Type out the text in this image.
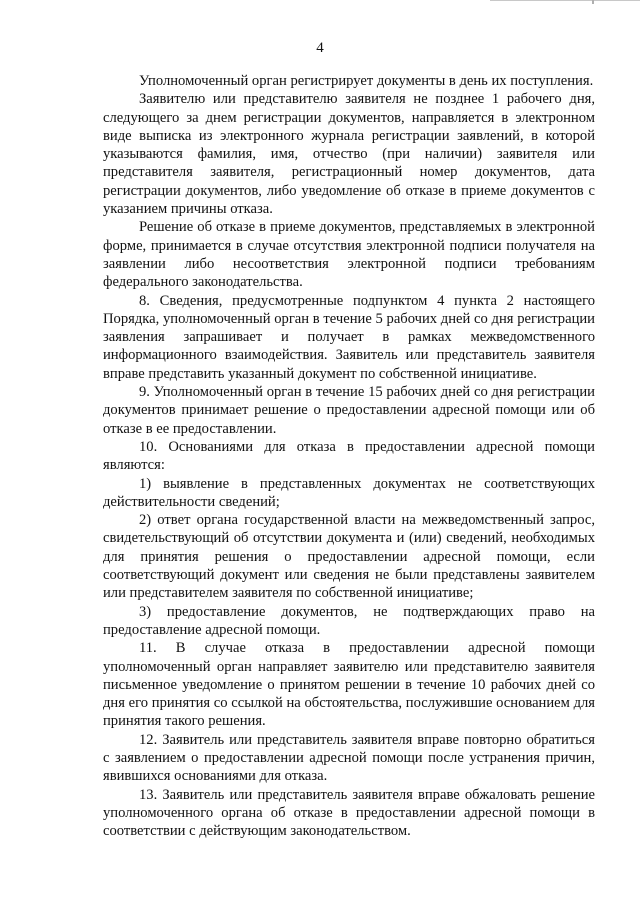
4

Уполномоченный орган регистрирует документы в день их поступления.

Заявителю или представителю заявителя не позднее 1 рабочего дня, следующего за днем регистрации документов, направляется в электронном виде выписка из электронного журнала регистрации заявлений, в которой указываются фамилия, имя, отчество (при наличии) заявителя или представителя заявителя, регистрационный номер документов, дата регистрации документов, либо уведомление об отказе в приеме документов с указанием причины отказа.

Решение об отказе в приеме документов, представляемых в электронной форме, принимается в случае отсутствия электронной подписи получателя на заявлении либо несоответствия электронной подписи требованиям федерального законодательства.

8. Сведения, предусмотренные подпунктом 4 пункта 2 настоящего Порядка, уполномоченный орган в течение 5 рабочих дней со дня регистрации заявления запрашивает и получает в рамках межведомственного информационного взаимодействия. Заявитель или представитель заявителя вправе представить указанный документ по собственной инициативе.

9. Уполномоченный орган в течение 15 рабочих дней со дня регистрации документов принимает решение о предоставлении адресной помощи или об отказе в ее предоставлении.

10. Основаниями для отказа в предоставлении адресной помощи являются:

1) выявление в представленных документах не соответствующих действительности сведений;

2) ответ органа государственной власти на межведомственный запрос, свидетельствующий об отсутствии документа и (или) сведений, необходимых для принятия решения о предоставлении адресной помощи, если соответствующий документ или сведения не были представлены заявителем или представителем заявителя по собственной инициативе;

3) предоставление документов, не подтверждающих право на предоставление адресной помощи.

11. В случае отказа в предоставлении адресной помощи уполномоченный орган направляет заявителю или представителю заявителя письменное уведомление о принятом решении в течение 10 рабочих дней со дня его принятия со ссылкой на обстоятельства, послужившие основанием для принятия такого решения.

12. Заявитель или представитель заявителя вправе повторно обратиться с заявлением о предоставлении адресной помощи после устранения причин, явившихся основаниями для отказа.

13. Заявитель или представитель заявителя вправе обжаловать решение уполномоченного органа об отказе в предоставлении адресной помощи в соответствии с действующим законодательством.
